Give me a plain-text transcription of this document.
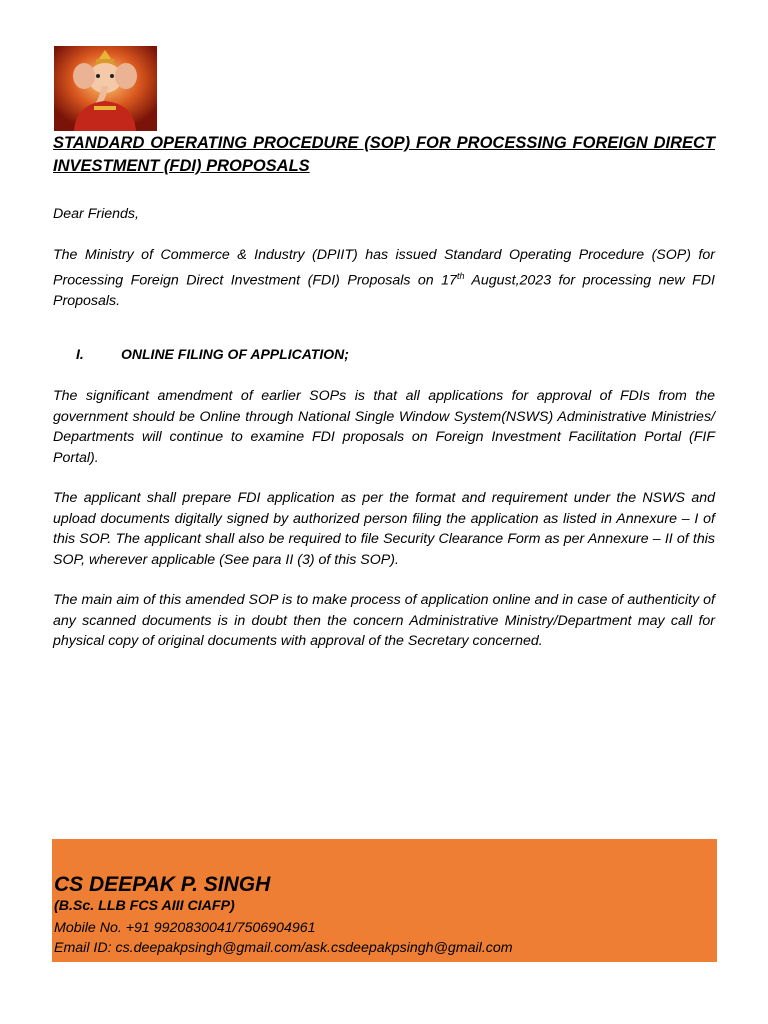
STANDARD OPERATING PROCEDURE (SOP) FOR PROCESSING FOREIGN DIRECT INVESTMENT (FDI) PROPOSALS
Dear Friends,
The Ministry of Commerce & Industry (DPIIT) has issued Standard Operating Procedure (SOP) for Processing Foreign Direct Investment (FDI) Proposals on 17th August,2023 for processing new FDI Proposals.
I.	ONLINE FILING OF APPLICATION;
The significant amendment of earlier SOPs is that all applications for approval of FDIs from the government should be Online through National Single Window System(NSWS) Administrative Ministries/ Departments will continue to examine FDI proposals on Foreign Investment Facilitation Portal (FIF Portal).
The applicant shall prepare FDI application as per the format and requirement under the NSWS and upload documents digitally signed by authorized person filing the application as listed in Annexure – I of this SOP. The applicant shall also be required to file Security Clearance Form as per Annexure – II of this SOP, wherever applicable (See para II (3) of this SOP).
The main aim of this amended SOP is to make process of application online and in case of authenticity of any scanned documents is in doubt then the concern Administrative Ministry/Department may call for physical copy of original documents with approval of the Secretary concerned.
CS DEEPAK P. SINGH
(B.Sc. LLB FCS AIII CIAFP)
Mobile No. +91 9920830041/7506904961
Email ID: cs.deepakpsingh@gmail.com/ask.csdeepakpsingh@gmail.com
